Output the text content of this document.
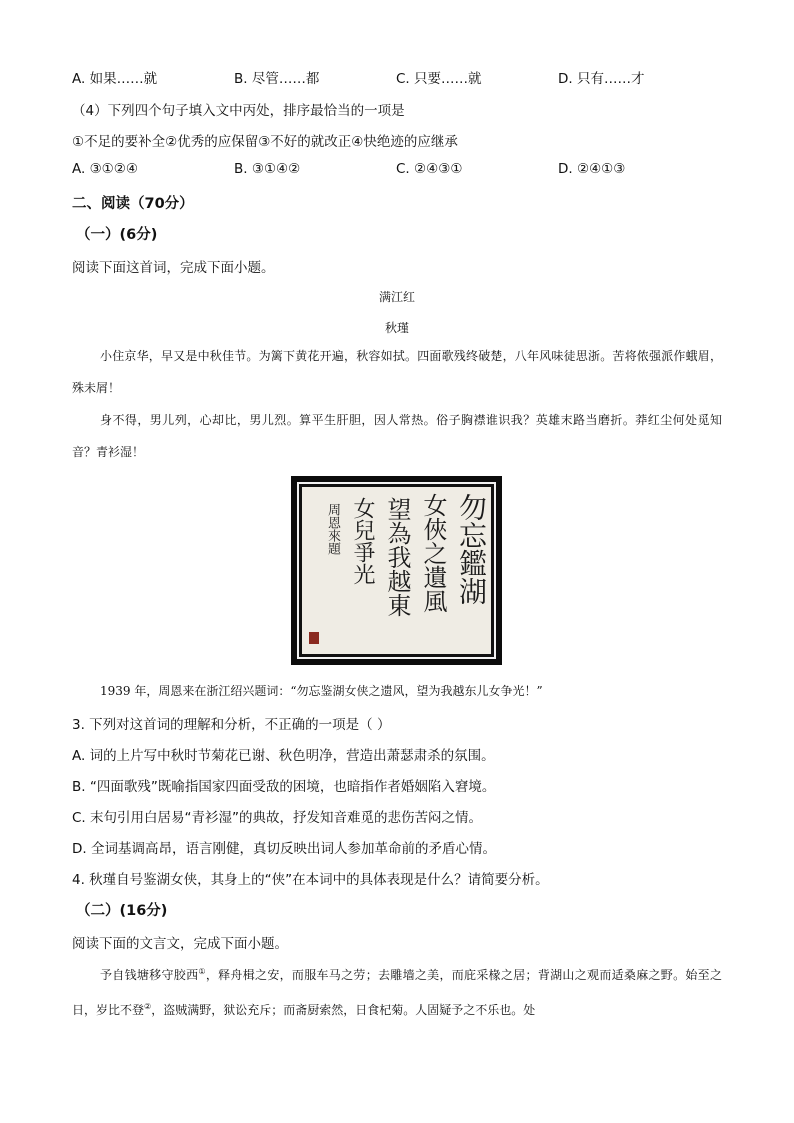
A. 如果……就	B. 尽管……都	C. 只要……就	D. 只有……才
（4）下列四个句子填入文中丙处，排序最恰当的一项是
①不足的要补全②优秀的应保留③不好的就改正④快绝迹的应继承
A. ③①②④	B. ③①④②	C. ②④③①	D. ②④①③
二、阅读（70分）
（一）(6分)
阅读下面这首词，完成下面小题。
满江红
秋瑾
小住京华，早又是中秋佳节。为篱下黄花开遍，秋容如拭。四面歌残终破楚，八年风味徒思浙。苦将侬强派作蛾眉，殊未屑！
身不得，男儿列，心却比，男儿烈。算平生肝胆，因人常热。俗子胸襟谁识我？英雄末路当磨折。莽红尘何处觅知音？青衫湿！
勿忘鑑湖
女俠之遺風
望為我越東
女兒爭光
周恩來題
1939 年，周恩来在浙江绍兴题词：“勿忘鉴湖女侠之遗风，望为我越东儿女争光！”
3. 下列对这首词的理解和分析，不正确的一项是（ ）
A. 词的上片写中秋时节菊花已谢、秋色明净，营造出萧瑟肃杀的氛围。
B. “四面歌残”既喻指国家四面受敌的困境，也暗指作者婚姻陷入窘境。
C. 末句引用白居易“青衫湿”的典故，抒发知音难觅的悲伤苦闷之情。
D. 全词基调高昂，语言刚健，真切反映出词人参加革命前的矛盾心情。
4. 秋瑾自号鉴湖女侠，其身上的“侠”在本词中的具体表现是什么？请简要分析。
（二）(16分)
阅读下面的文言文，完成下面小题。
予自钱塘移守胶西①，释舟楫之安，而服车马之劳；去雕墙之美，而庇采椽之居；背湖山之观而适桑麻之野。始至之日，岁比不登②，盗贼满野，狱讼充斥；而斋厨索然，日食杞菊。人固疑予之不乐也。处
